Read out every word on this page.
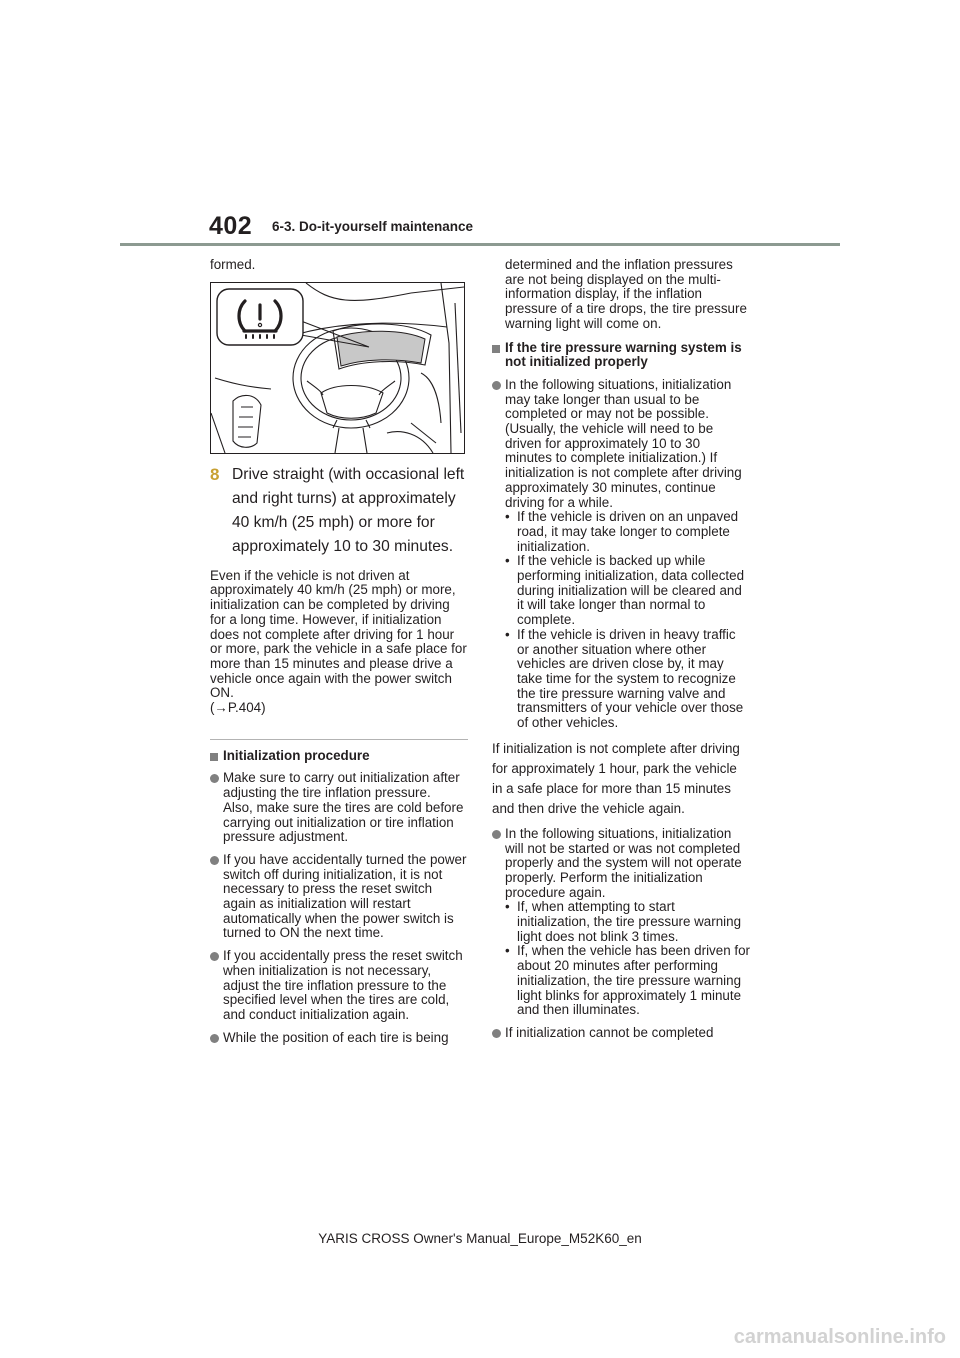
402 6-3. Do-it-yourself maintenance

formed.

8 Drive straight (with occasional left and right turns) at approximately 40 km/h (25 mph) or more for approximately 10 to 30 minutes.

Even if the vehicle is not driven at approximately 40 km/h (25 mph) or more, initialization can be completed by driving for a long time. However, if initialization does not complete after driving for 1 hour or more, park the vehicle in a safe place for more than 15 minutes and please drive a vehicle once again with the power switch ON.

(→P.404)

Initialization procedure

Make sure to carry out initialization after adjusting the tire inflation pressure.

Also, make sure the tires are cold before carrying out initialization or tire inflation pressure adjustment.

If you have accidentally turned the power switch off during initialization, it is not necessary to press the reset switch again as initialization will restart automatically when the power switch is turned to ON the next time.

If you accidentally press the reset switch when initialization is not necessary, adjust the tire inflation pressure to the specified level when the tires are cold, and conduct initialization again.

While the position of each tire is being

determined and the inflation pressures are not being displayed on the multi-information display, if the inflation pressure of a tire drops, the tire pressure warning light will come on.

If the tire pressure warning system is not initialized properly

In the following situations, initialization may take longer than usual to be completed or may not be possible. (Usually, the vehicle will need to be driven for approximately 10 to 30 minutes to complete initialization.) If initialization is not complete after driving approximately 30 minutes, continue driving for a while.

• If the vehicle is driven on an unpaved road, it may take longer to complete initialization.

• If the vehicle is backed up while performing initialization, data collected during initialization will be cleared and it will take longer than normal to complete.

• If the vehicle is driven in heavy traffic or another situation where other vehicles are driven close by, it may take time for the system to recognize the tire pressure warning valve and transmitters of your vehicle over those of other vehicles.

If initialization is not complete after driving for approximately 1 hour, park the vehicle in a safe place for more than 15 minutes and then drive the vehicle again.

In the following situations, initialization will not be started or was not completed properly and the system will not operate properly. Perform the initialization procedure again.

• If, when attempting to start initialization, the tire pressure warning light does not blink 3 times.

• If, when the vehicle has been driven for about 20 minutes after performing initialization, the tire pressure warning light blinks for approximately 1 minute and then illuminates.

If initialization cannot be completed

YARIS CROSS Owner's Manual_Europe_M52K60_en
carmanualsonline.info
